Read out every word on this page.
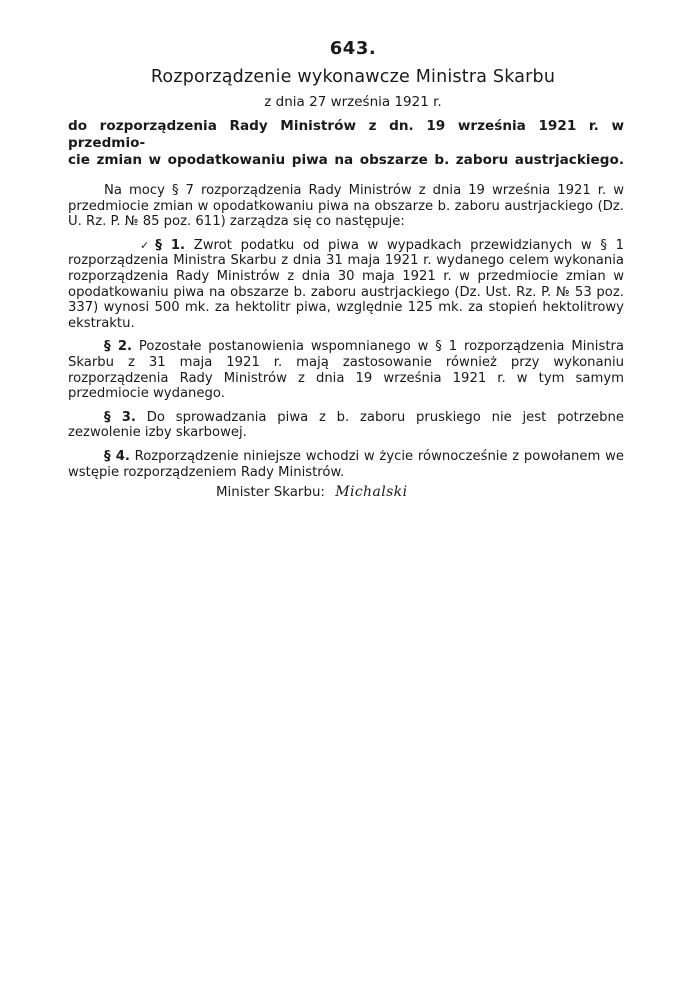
643.
Rozporządzenie wykonawcze Ministra Skarbu
z dnia 27 września 1921 r.
do rozporządzenia Rady Ministrów z dn. 19 września 1921 r. w przedmio-
cie zmian w opodatkowaniu piwa na obszarze b. zaboru austrjackiego.

Na mocy § 7 rozporządzenia Rady Ministrów z dnia 19 września 1921 r. w przedmiocie zmian w opodatkowaniu piwa na obszarze b. zaboru austrjackiego (Dz. U. Rz. P. № 85 poz. 611) zarządza się co następuje:

✓ § 1. Zwrot podatku od piwa w wypadkach przewidzianych w § 1 rozporządzenia Ministra Skarbu z dnia 31 maja 1921 r. wydanego celem wykonania rozporządzenia Rady Ministrów z dnia 30 maja 1921 r. w przedmiocie zmian w opodatkowaniu piwa na obszarze b. zaboru austrjackiego (Dz. Ust. Rz. P. № 53 poz. 337) wynosi 500 mk. za hektolitr piwa, względnie 125 mk. za stopień hektolitrowy ekstraktu.

§ 2. Pozostałe postanowienia wspomnianego w § 1 rozporządzenia Ministra Skarbu z 31 maja 1921 r. mają zastosowanie również przy wykonaniu rozporządzenia Rady Ministrów z dnia 19 września 1921 r. w tym samym przedmiocie wydanego.

§ 3. Do sprowadzania piwa z b. zaboru pruskiego nie jest potrzebne zezwolenie izby skarbowej.

§ 4. Rozporządzenie niniejsze wchodzi w życie równocześnie z powołanem we wstępie rozporządzeniem Rady Ministrów.

Minister Skarbu: Michalski
